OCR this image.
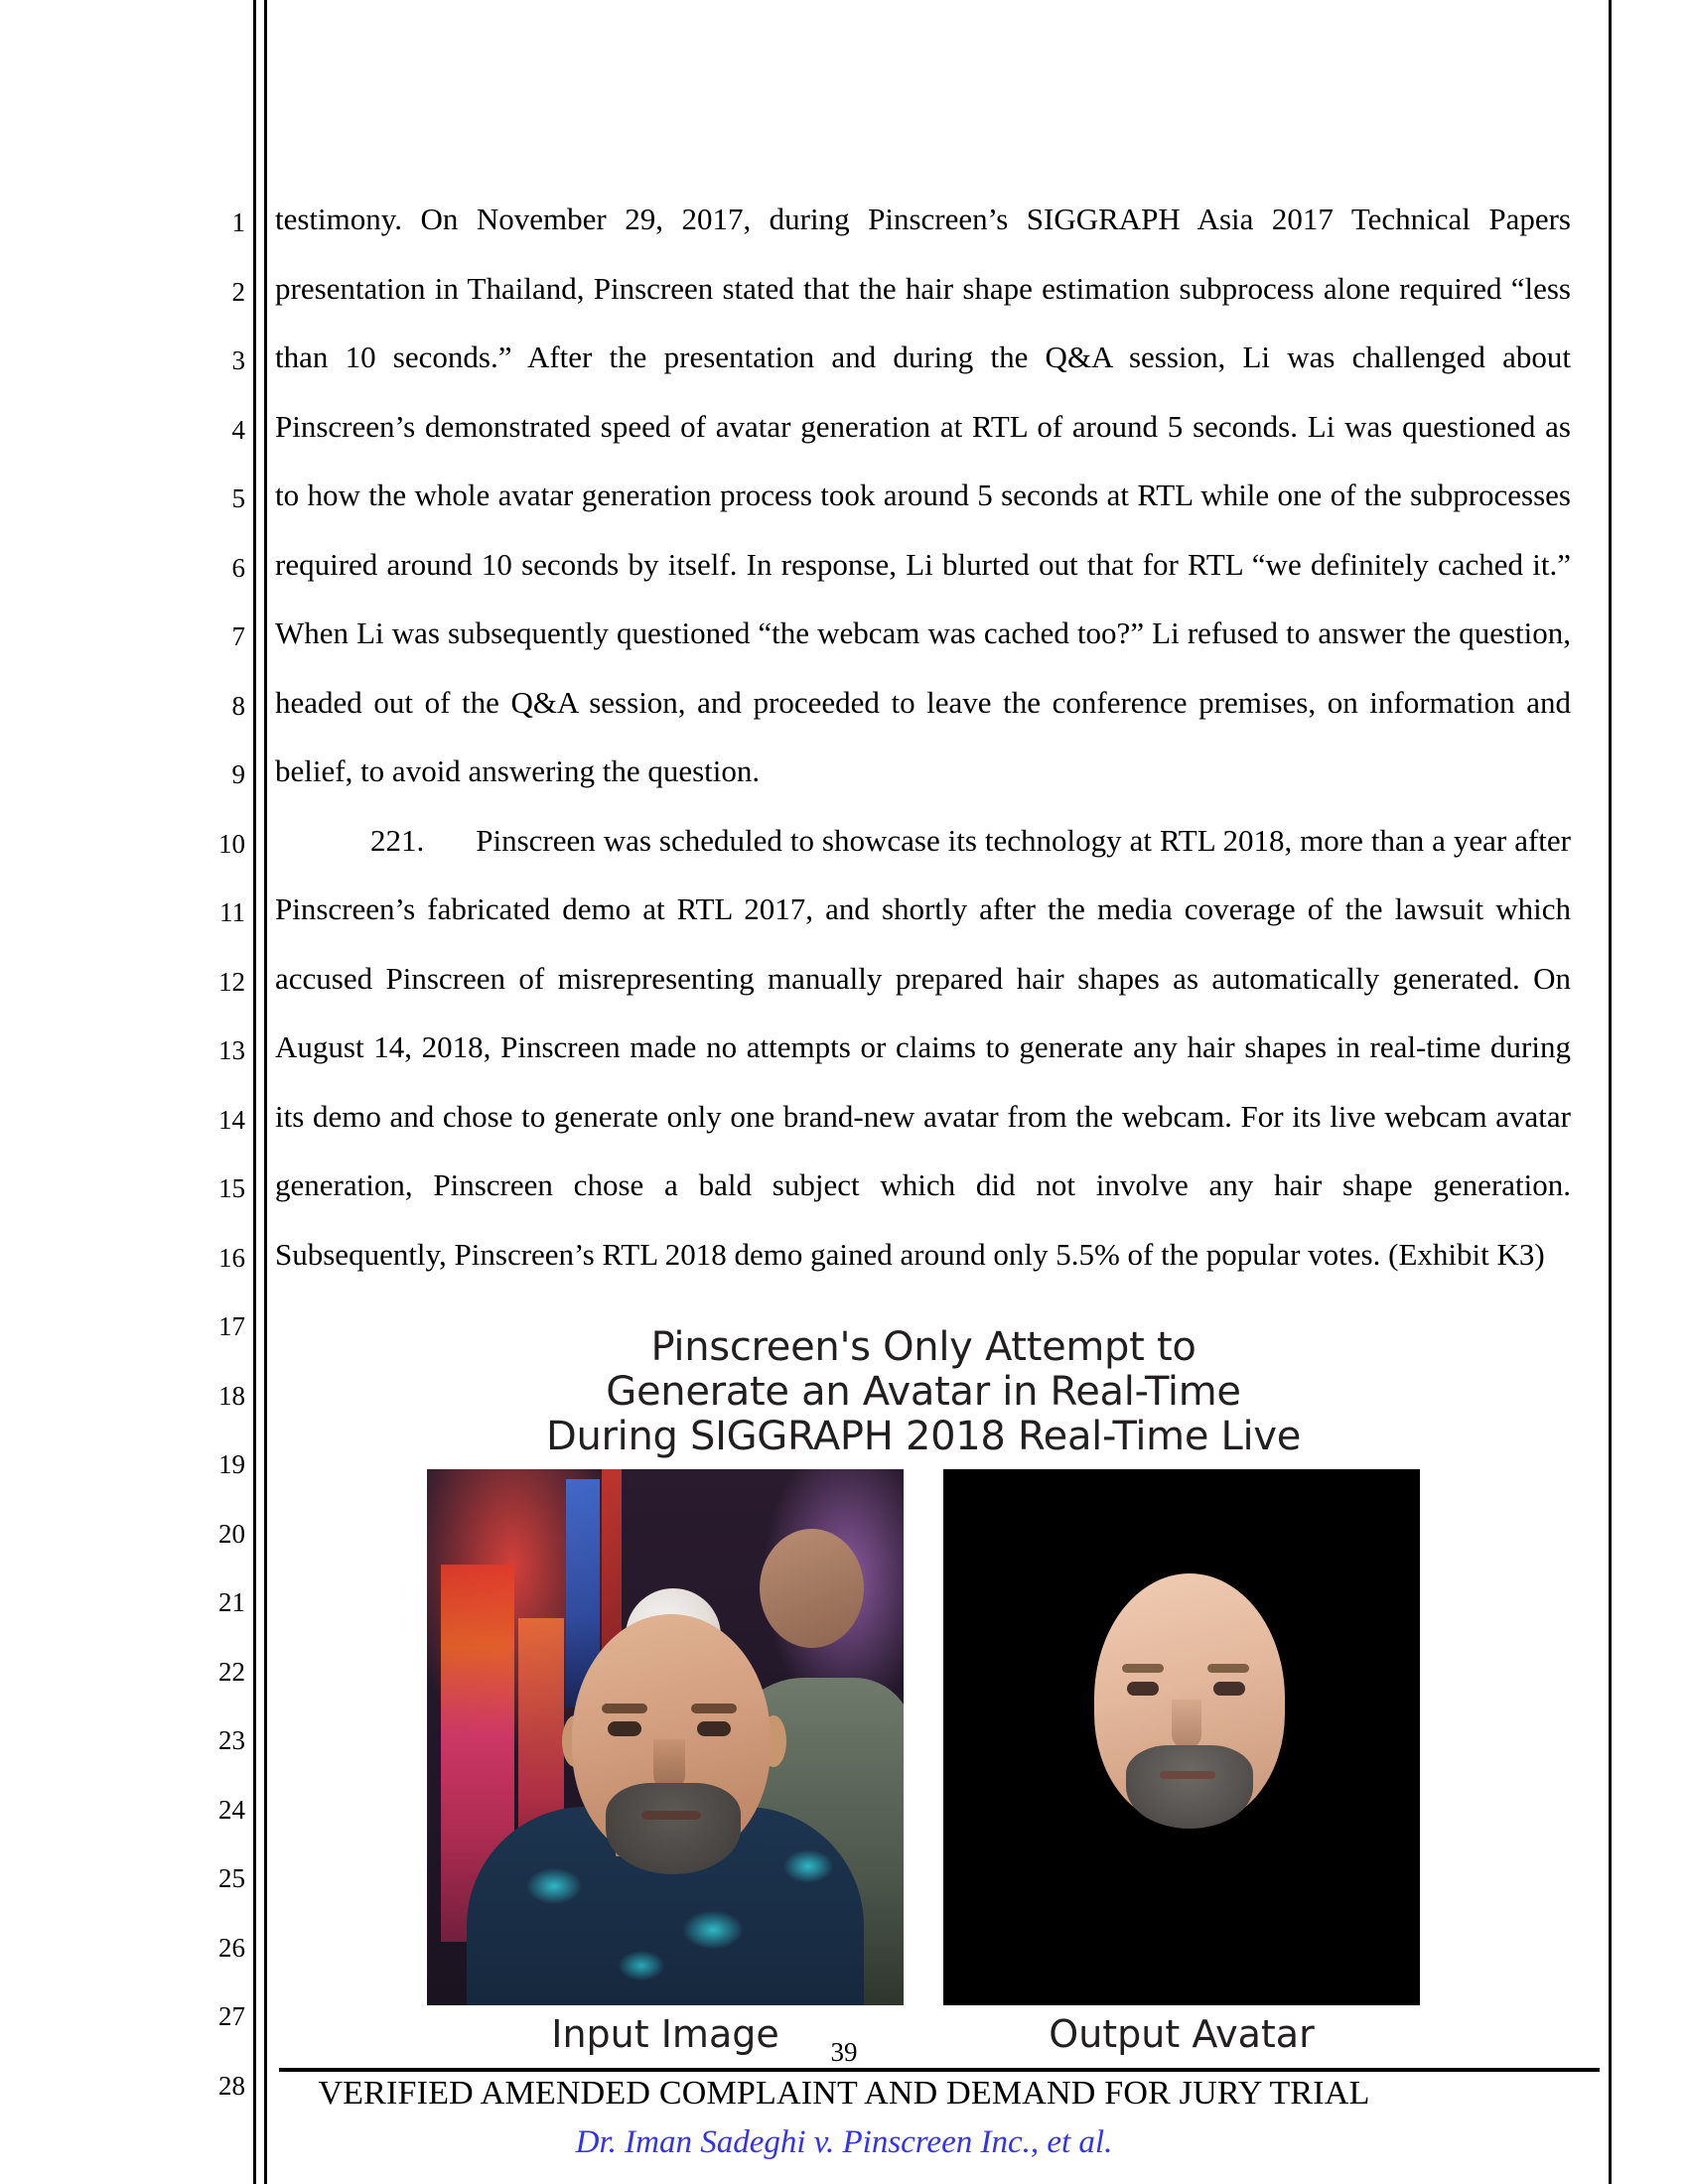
1
2
3
4
5
6
7
8
9
10
11
12
13
14
15
16
17
18
19
20
21
22
23
24
25
26
27
28

testimony. On November 29, 2017, during Pinscreen’s SIGGRAPH Asia 2017 Technical Papers presentation in Thailand, Pinscreen stated that the hair shape estimation subprocess alone required “less than 10 seconds.” After the presentation and during the Q&A session, Li was challenged about Pinscreen’s demonstrated speed of avatar generation at RTL of around 5 seconds. Li was questioned as to how the whole avatar generation process took around 5 seconds at RTL while one of the subprocesses required around 10 seconds by itself. In response, Li blurted out that for RTL “we definitely cached it.” When Li was subsequently questioned “the webcam was cached too?” Li refused to answer the question, headed out of the Q&A session, and proceeded to leave the conference premises, on information and belief, to avoid answering the question.

221. Pinscreen was scheduled to showcase its technology at RTL 2018, more than a year after Pinscreen’s fabricated demo at RTL 2017, and shortly after the media coverage of the lawsuit which accused Pinscreen of misrepresenting manually prepared hair shapes as automatically generated. On August 14, 2018, Pinscreen made no attempts or claims to generate any hair shapes in real-time during its demo and chose to generate only one brand-new avatar from the webcam. For its live webcam avatar generation, Pinscreen chose a bald subject which did not involve any hair shape generation. Subsequently, Pinscreen’s RTL 2018 demo gained around only 5.5% of the popular votes. (Exhibit K3)

Pinscreen's Only Attempt to
Generate an Avatar in Real-Time
During SIGGRAPH 2018 Real-Time Live
Input Image	Output Avatar
39
VERIFIED AMENDED COMPLAINT AND DEMAND FOR JURY TRIAL
Dr. Iman Sadeghi v. Pinscreen Inc., et al.
